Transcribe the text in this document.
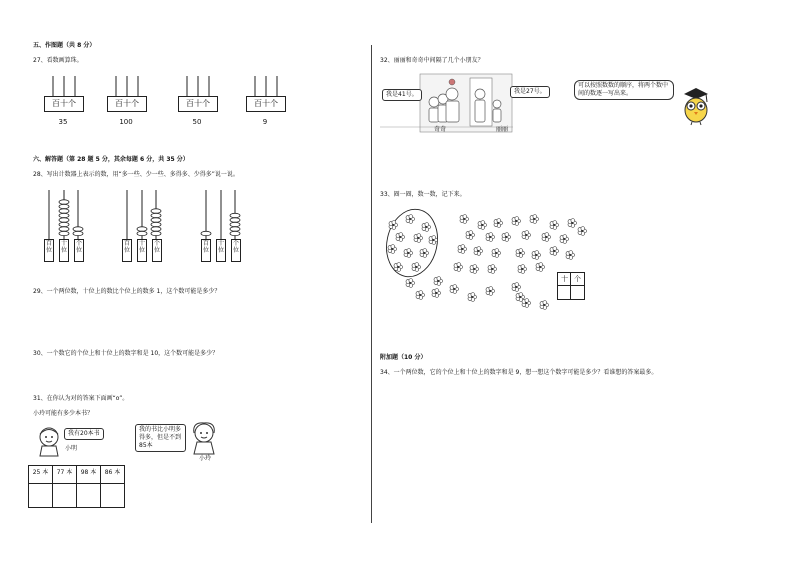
五、作图题（共 8 分）
27、看数画算珠。
百十个
35
百十个
100
百十个
50
百十个
9
六、解答题（第 28 题 5 分，其余每题 6 分，共 35 分）
28、写出计数器上表示的数，用“多一些、少一些、多得多、少得多”说一说。
百位
十位
个位
百位
十位
个位
百位
十位
个位
29、一个两位数，十位上的数比个位上的数多 1，这个数可能是多少？
30、一个数它的个位上和十位上的数字和是 10，这个数可能是多少？
31、在你认为对的答案下面画“o”。
小玲可能有多少本书？
我有20本书
小明
我的书比小明多得多，但是不到85本
小玲
25 本	77 本	98 本	86 本

32、丽丽和奇奇中间隔了几个小朋友？
我是41号。	我是27号。
奇奇	丽丽
可以按照数数的顺序，将两个数中间的数逐一写出来。
33、圈一圈，数一数，记下来。
十 个
附加题（10 分）
34、一个两位数，它的个位上和十位上的数字和是 9，想一想这个数字可能是多少？看谁想的答案最多。
